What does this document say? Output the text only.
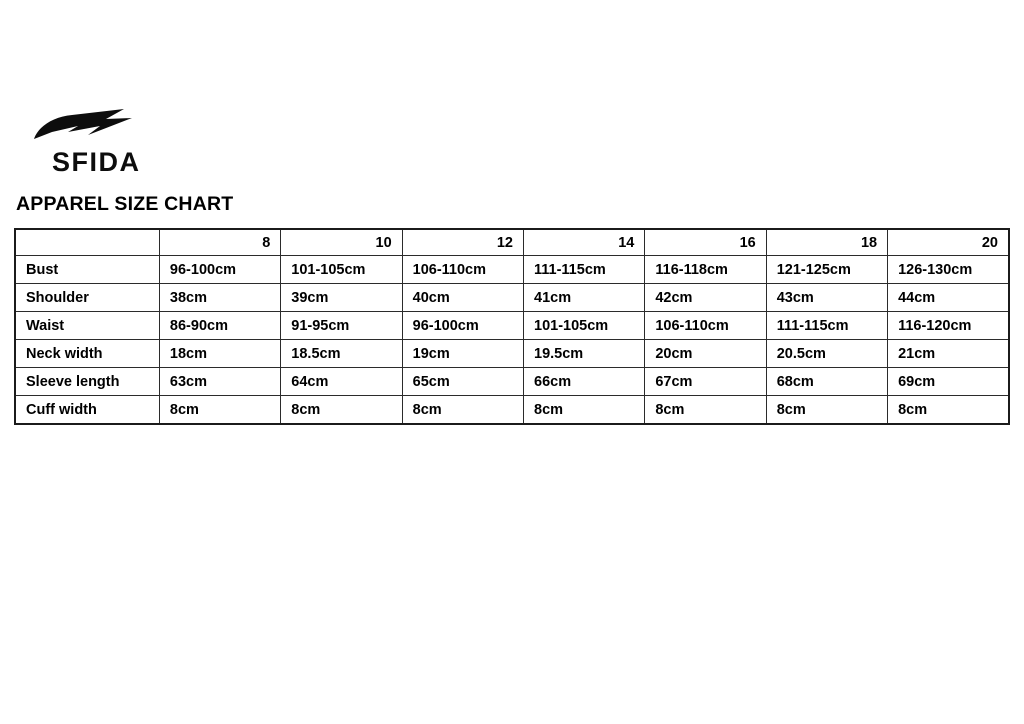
SFIDA
APPAREL SIZE CHART
	8	10	12	14	16	18	20
Bust	96-100cm	101-105cm	106-110cm	111-115cm	116-118cm	121-125cm	126-130cm
Shoulder	38cm	39cm	40cm	41cm	42cm	43cm	44cm
Waist	86-90cm	91-95cm	96-100cm	101-105cm	106-110cm	111-115cm	116-120cm
Neck width	18cm	18.5cm	19cm	19.5cm	20cm	20.5cm	21cm
Sleeve length	63cm	64cm	65cm	66cm	67cm	68cm	69cm
Cuff width	8cm	8cm	8cm	8cm	8cm	8cm	8cm
